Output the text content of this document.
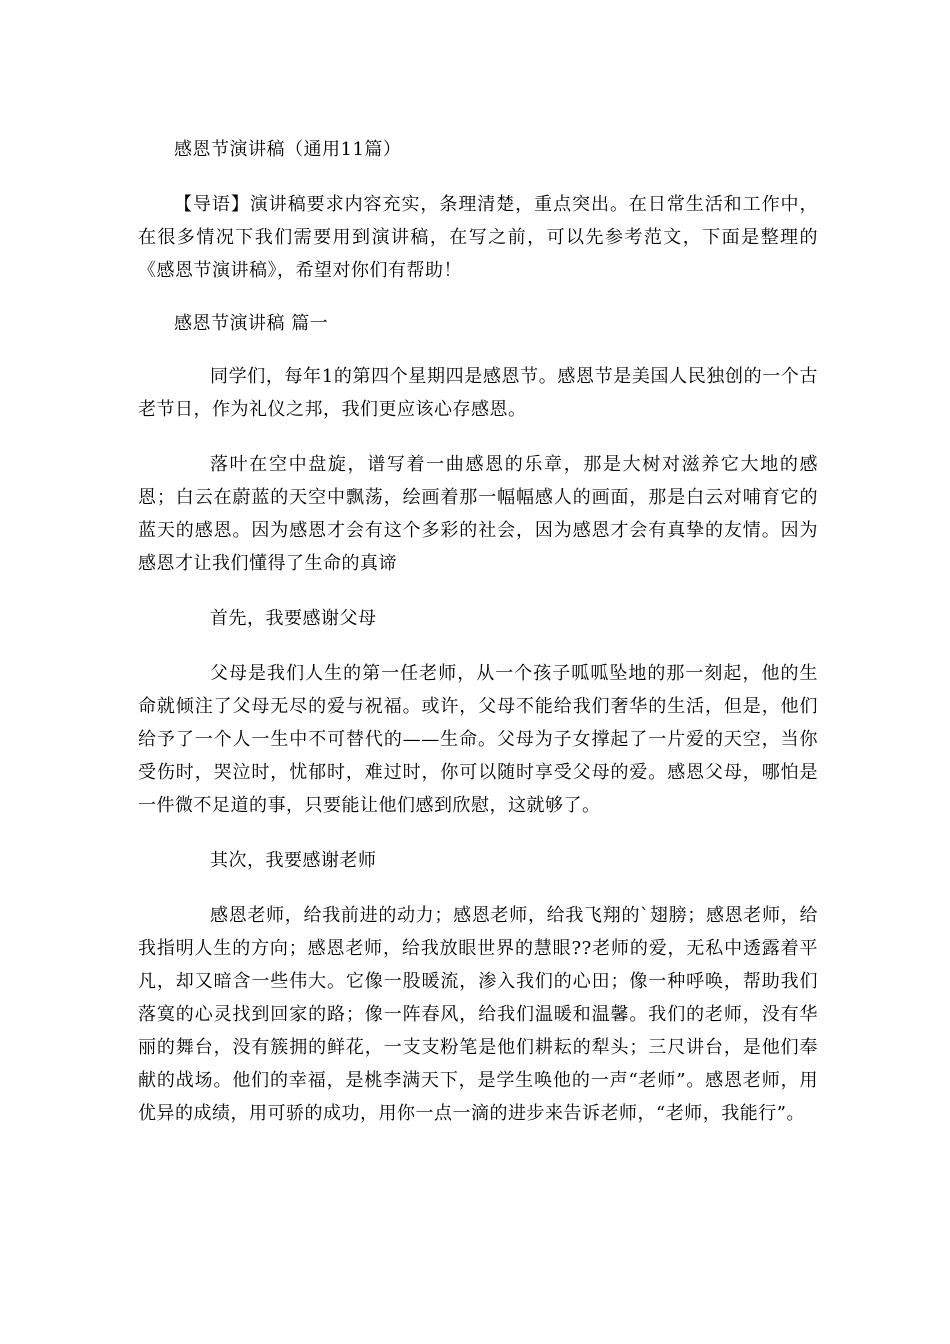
感恩节演讲稿（通用11篇）

【导语】演讲稿要求内容充实，条理清楚，重点突出。在日常生活和工作中，在很多情况下我们需要用到演讲稿，在写之前，可以先参考范文，下面是整理的《感恩节演讲稿》，希望对你们有帮助！

感恩节演讲稿 篇一

同学们，每年1的第四个星期四是感恩节。感恩节是美国人民独创的一个古老节日，作为礼仪之邦，我们更应该心存感恩。

落叶在空中盘旋，谱写着一曲感恩的乐章，那是大树对滋养它大地的感恩；白云在蔚蓝的天空中飘荡，绘画着那一幅幅感人的画面，那是白云对哺育它的蓝天的感恩。因为感恩才会有这个多彩的社会，因为感恩才会有真挚的友情。因为感恩才让我们懂得了生命的真谛

首先，我要感谢父母

父母是我们人生的第一任老师，从一个孩子呱呱坠地的那一刻起，他的生命就倾注了父母无尽的爱与祝福。或许，父母不能给我们奢华的生活，但是，他们给予了一个人一生中不可替代的——生命。父母为子女撑起了一片爱的天空，当你受伤时，哭泣时，忧郁时，难过时，你可以随时享受父母的爱。感恩父母，哪怕是一件微不足道的事，只要能让他们感到欣慰，这就够了。

其次，我要感谢老师

感恩老师，给我前进的动力；感恩老师，给我飞翔的`翅膀；感恩老师，给我指明人生的方向；感恩老师，给我放眼世界的慧眼??老师的爱，无私中透露着平凡，却又暗含一些伟大。它像一股暖流，渗入我们的心田；像一种呼唤，帮助我们落寞的心灵找到回家的路；像一阵春风，给我们温暖和温馨。我们的老师，没有华丽的舞台，没有簇拥的鲜花，一支支粉笔是他们耕耘的犁头；三尺讲台，是他们奉献的战场。他们的幸福，是桃李满天下，是学生唤他的一声“老师”。感恩老师，用优异的成绩，用可骄的成功，用你一点一滴的进步来告诉老师，“老师，我能行”。
